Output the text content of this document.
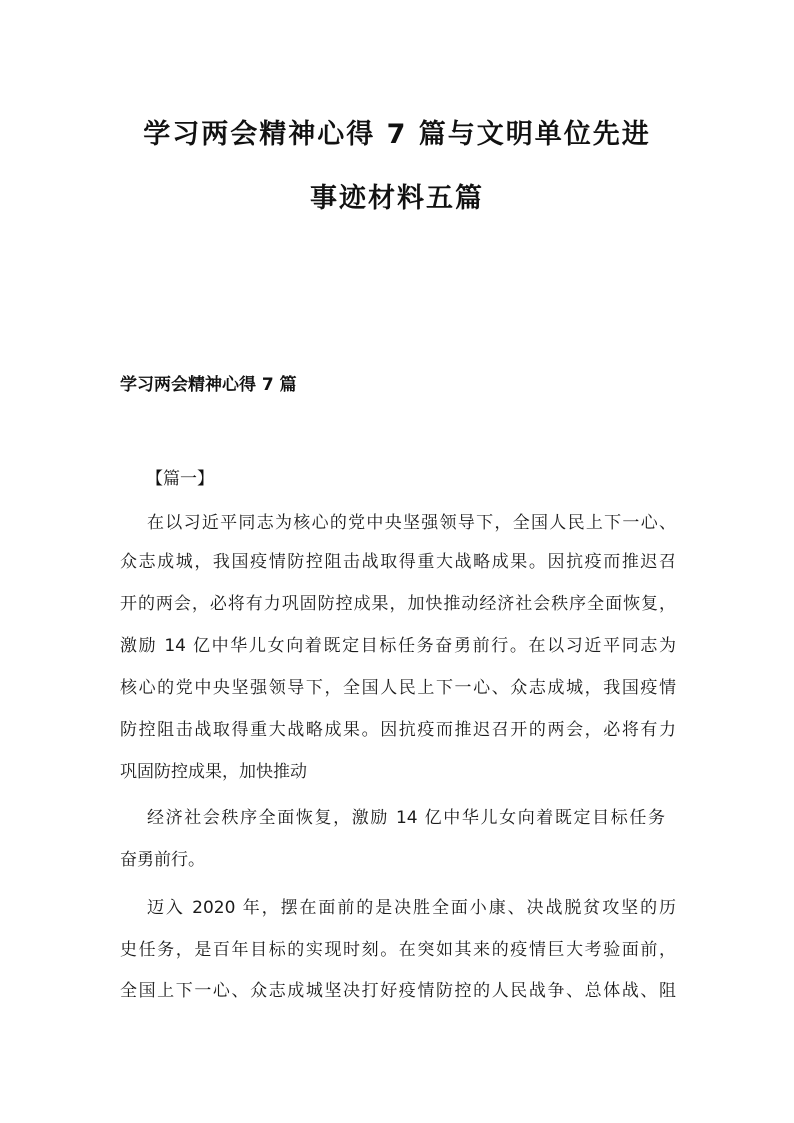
学习两会精神心得 7 篇与文明单位先进
事迹材料五篇
学习两会精神心得 7 篇
【篇一】
在以习近平同志为核心的党中央坚强领导下，全国人民上下一心、
众志成城，我国疫情防控阻击战取得重大战略成果。因抗疫而推迟召
开的两会，必将有力巩固防控成果，加快推动经济社会秩序全面恢复，
激励 14 亿中华儿女向着既定目标任务奋勇前行。在以习近平同志为
核心的党中央坚强领导下，全国人民上下一心、众志成城，我国疫情
防控阻击战取得重大战略成果。因抗疫而推迟召开的两会，必将有力
巩固防控成果，加快推动
经济社会秩序全面恢复，激励 14 亿中华儿女向着既定目标任务
奋勇前行。
迈入 2020 年，摆在面前的是决胜全面小康、决战脱贫攻坚的历
史任务，是百年目标的实现时刻。在突如其来的疫情巨大考验面前，
全国上下一心、众志成城坚决打好疫情防控的人民战争、总体战、阻
